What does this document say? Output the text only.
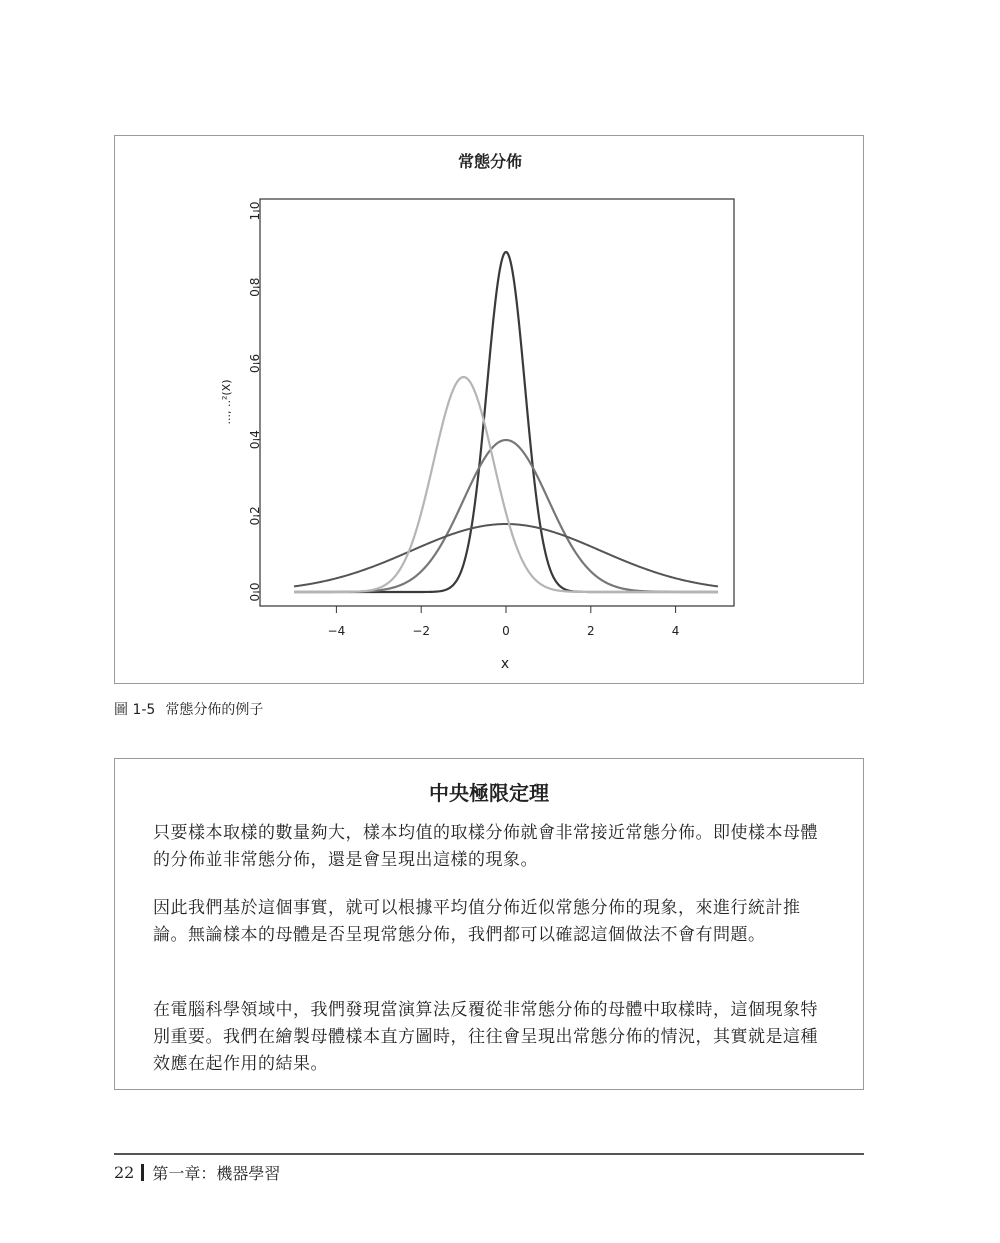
常態分佈
x
..., ..²(X)
−4	−2	0	2	4
0.0
0.2
0.4
0.6
0.8
1.0
圖 1-5 常態分佈的例子
中央極限定理

只要樣本取樣的數量夠大，樣本均值的取樣分佈就會非常接近常態分佈。即使樣本母體的分佈並非常態分佈，還是會呈現出這樣的現象。

因此我們基於這個事實，就可以根據平均值分佈近似常態分佈的現象，來進行統計推論。無論樣本的母體是否呈現常態分佈，我們都可以確認這個做法不會有問題。

在電腦科學領域中，我們發現當演算法反覆從非常態分佈的母體中取樣時，這個現象特別重要。我們在繪製母體樣本直方圖時，往往會呈現出常態分佈的情況，其實就是這種效應在起作用的結果。

22 第一章：機器學習
